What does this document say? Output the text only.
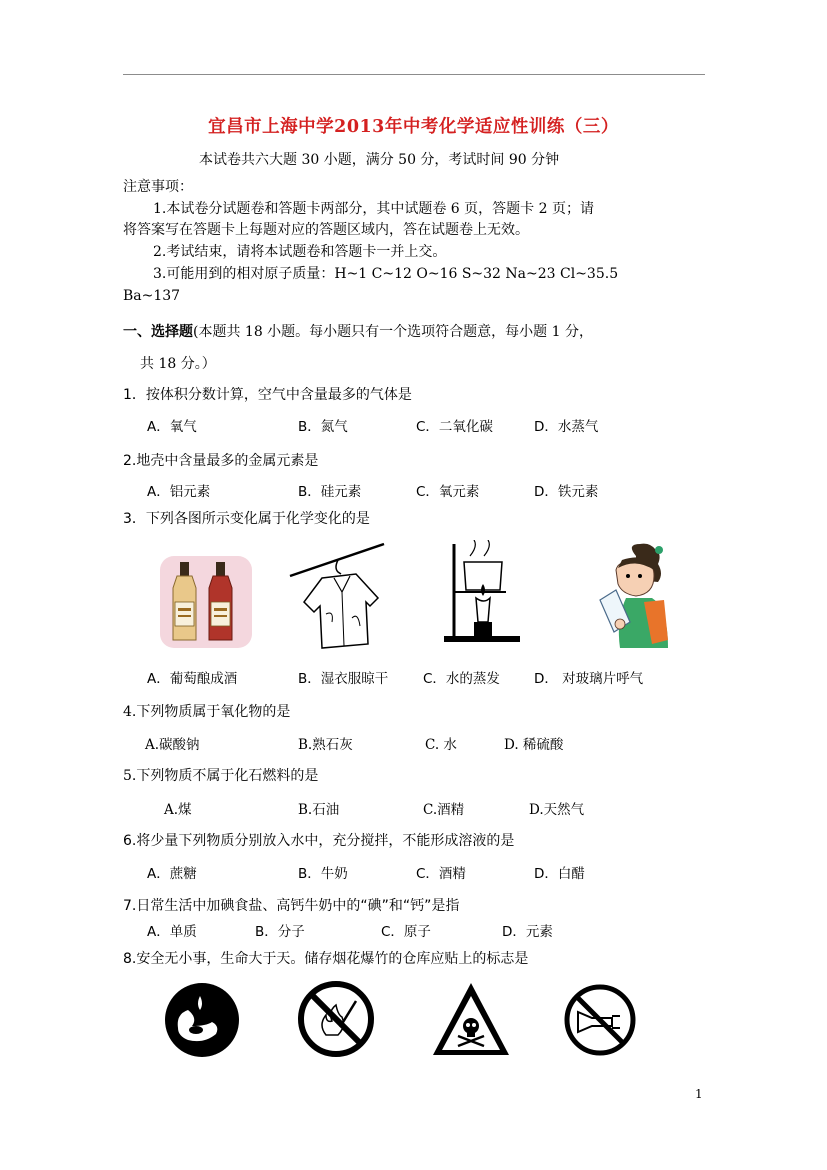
宜昌市上海中学2013年中考化学适应性训练（三）
本试卷共六大题 30 小题，满分 50 分，考试时间 90 分钟
注意事项：
1.本试卷分试题卷和答题卡两部分，其中试题卷 6 页，答题卡 2 页；请
将答案写在答题卡上每题对应的答题区域内，答在试题卷上无效。
2.考试结束，请将本试题卷和答题卡一并上交。
3.可能用到的相对原子质量：H~1 C~12 O~16 S~32 Na~23 Cl~35.5
Ba~137
一、选择题(本题共 18 小题。每小题只有一个选项符合题意，每小题 1 分，
共 18 分。）
1．按体积分数计算，空气中含量最多的气体是
A．氧气	B．氮气	C．二氧化碳	D．水蒸气
2.地壳中含量最多的金属元素是
A．铝元素	B．硅元素	C．氧元素	D．铁元素
3．下列各图所示变化属于化学变化的是
A．葡萄酿成酒	B．湿衣服晾干	C．水的蒸发	D． 对玻璃片呼气
4.下列物质属于氧化物的是
A.碳酸钠	B.熟石灰	C. 水	D. 稀硫酸
5.下列物质不属于化石燃料的是
A.煤	B.石油	C.酒精	D.天然气
6.将少量下列物质分别放入水中，充分搅拌，不能形成溶液的是
A．蔗糖	B．牛奶	C．酒精	D．白醋
7.日常生活中加碘食盐、高钙牛奶中的“碘”和“钙”是指
A．单质	B．分子	C．原子	D．元素
8.安全无小事，生命大于天。储存烟花爆竹的仓库应贴上的标志是
1
